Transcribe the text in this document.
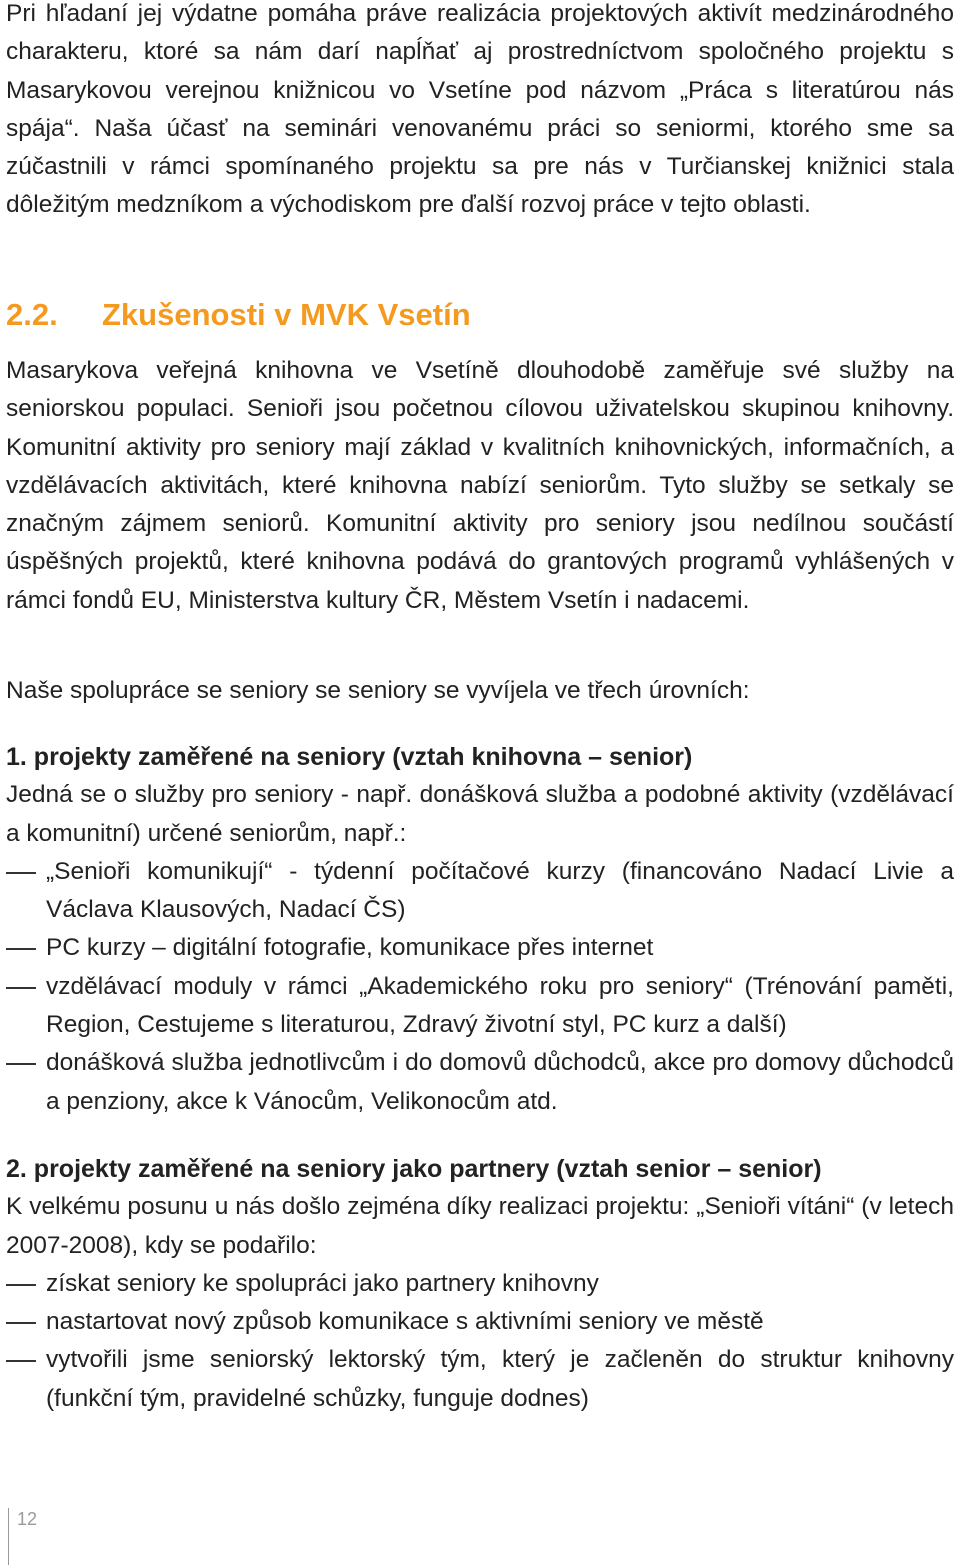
Pri hľadaní jej výdatne pomáha práve realizácia projektových aktivít medzinárodného charakteru, ktoré sa nám darí napĺňať aj prostredníctvom spoločného projektu s Masarykovou verejnou knižnicou vo Vsetíne pod názvom „Práca s literatúrou nás spája“. Naša účasť na seminári venovanému práci so seniormi, ktorého sme sa zúčastnili v rámci spomínaného projektu sa pre nás v Turčianskej knižnici stala dôležitým medzníkom a východiskom pre ďalší rozvoj práce v tejto oblasti.

2.2. Zkušenosti v MVK Vsetín

Masarykova veřejná knihovna ve Vsetíně dlouhodobě zaměřuje své služby na seniorskou populaci. Senioři jsou početnou cílovou uživatelskou skupinou knihovny. Komunitní aktivity pro seniory mají základ v kvalitních knihovnických, informačních, a vzdělávacích aktivitách, které knihovna nabízí seniorům. Tyto služby se setkaly se značným zájmem seniorů. Komunitní aktivity pro seniory jsou nedílnou součástí úspěšných projektů, které knihovna podává do grantových programů vyhlášených v rámci fondů EU, Ministerstva kultury ČR, Městem Vsetín i nadacemi.

Naše spolupráce se seniory se seniory se vyvíjela ve třech úrovních:

1. projekty zaměřené na seniory (vztah knihovna – senior)

Jedná se o služby pro seniory - např. donášková služba a podobné aktivity (vzdělávací a komunitní) určené seniorům, např.:

„Senioři komunikují“ - týdenní počítačové kurzy (financováno Nadací Livie a Václava Klausových, Nadací ČS)
PC kurzy – digitální fotografie, komunikace přes internet
vzdělávací moduly v rámci „Akademického roku pro seniory“ (Trénování paměti, Region, Cestujeme s literaturou, Zdravý životní styl, PC kurz a další)
donášková služba jednotlivcům i do domovů důchodců, akce pro domovy důchodců a penziony, akce k Vánocům, Velikonocům atd.
2. projekty zaměřené na seniory jako partnery (vztah senior – senior)

K velkému posunu u nás došlo zejména díky realizaci projektu: „Senioři vítáni“ (v letech 2007-2008), kdy se podařilo:

získat seniory ke spolupráci jako partnery knihovny
nastartovat nový způsob komunikace s aktivními seniory ve městě
vytvořili jsme seniorský lektorský tým, který je začleněn do struktur knihovny (funkční tým, pravidelné schůzky, funguje dodnes)
12
